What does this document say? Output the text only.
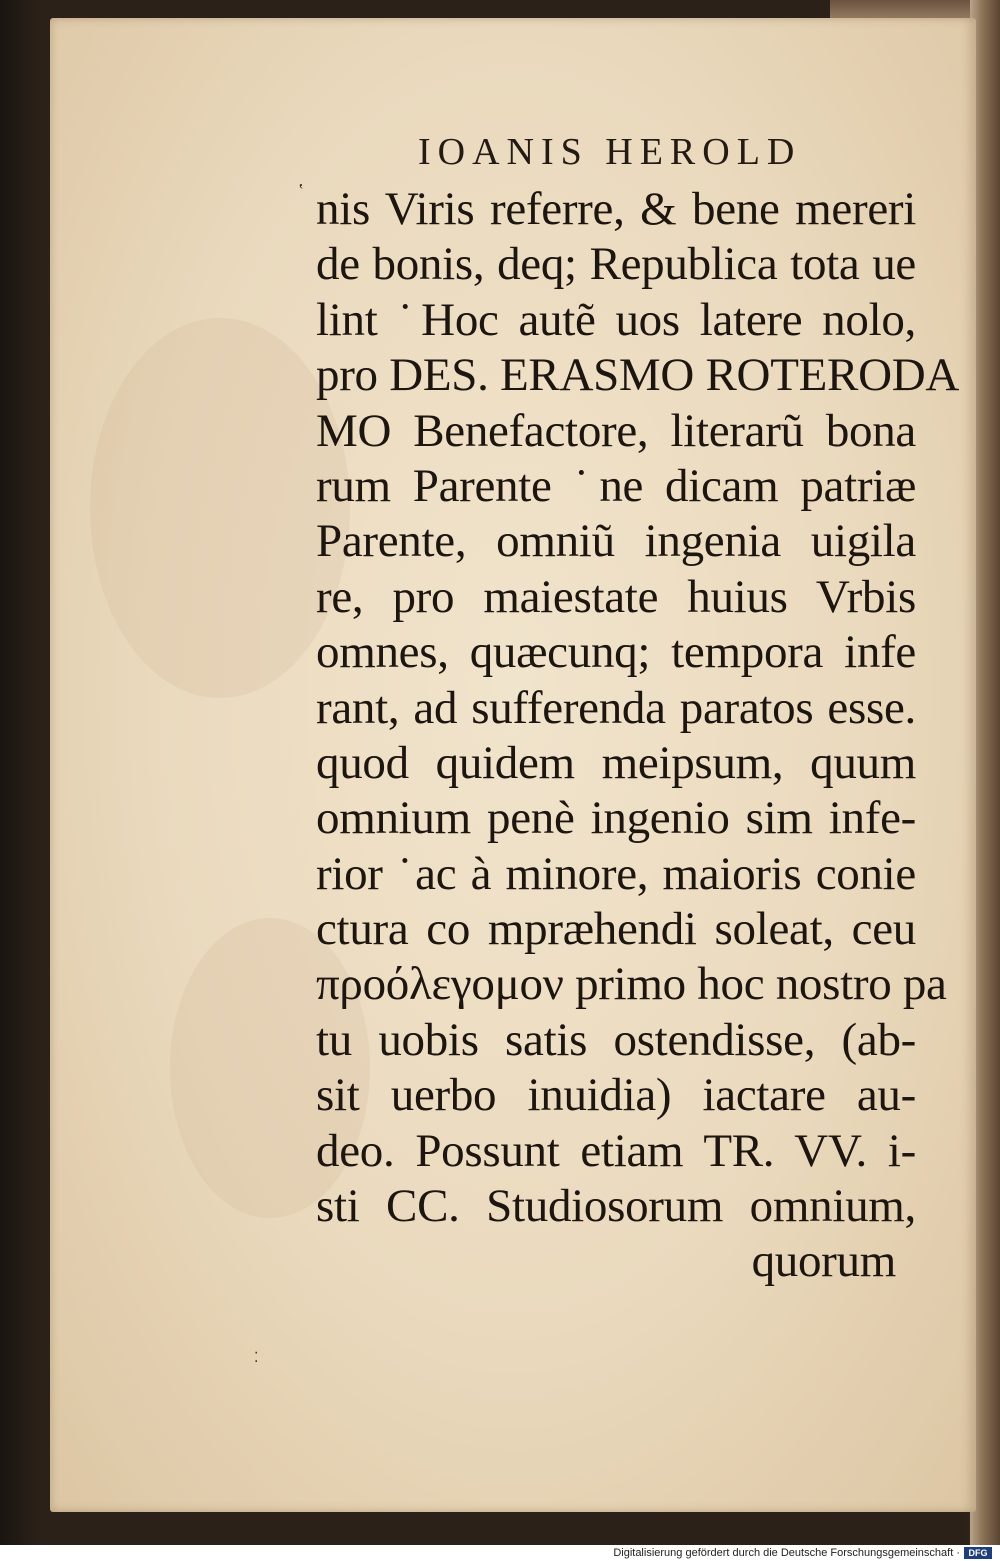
IOANIS HEROLD
‛
⁚
nis Viris referre, & bene mereri
de bonis, deq; Republica tota ue
lint ˙Hoc autẽ uos latere nolo,
pro DES. ERASMO ROTERODA
MO Benefactore, literarũ bona
rum Parente ˙ne dicam patriæ
Parente, omniũ ingenia uigila
re, pro maiestate huius Vrbis
omnes, quæcunq; tempora infe
rant, ad sufferenda paratos esse.
quod quidem meipsum, quum
omnium penè ingenio sim infe-
rior ˙ac à minore, maioris conie
ctura co mpræhendi soleat, ceu
προόλεγομον primo hoc nostro pa
tu uobis satis ostendisse, (ab-
sit uerbo inuidia) iactare au-
deo. Possunt etiam TR. VV. i-
sti CC. Studiosorum omnium,
quorum
Digitalisierung gefördert durch die Deutsche Forschungsgemeinschaft · DFG
